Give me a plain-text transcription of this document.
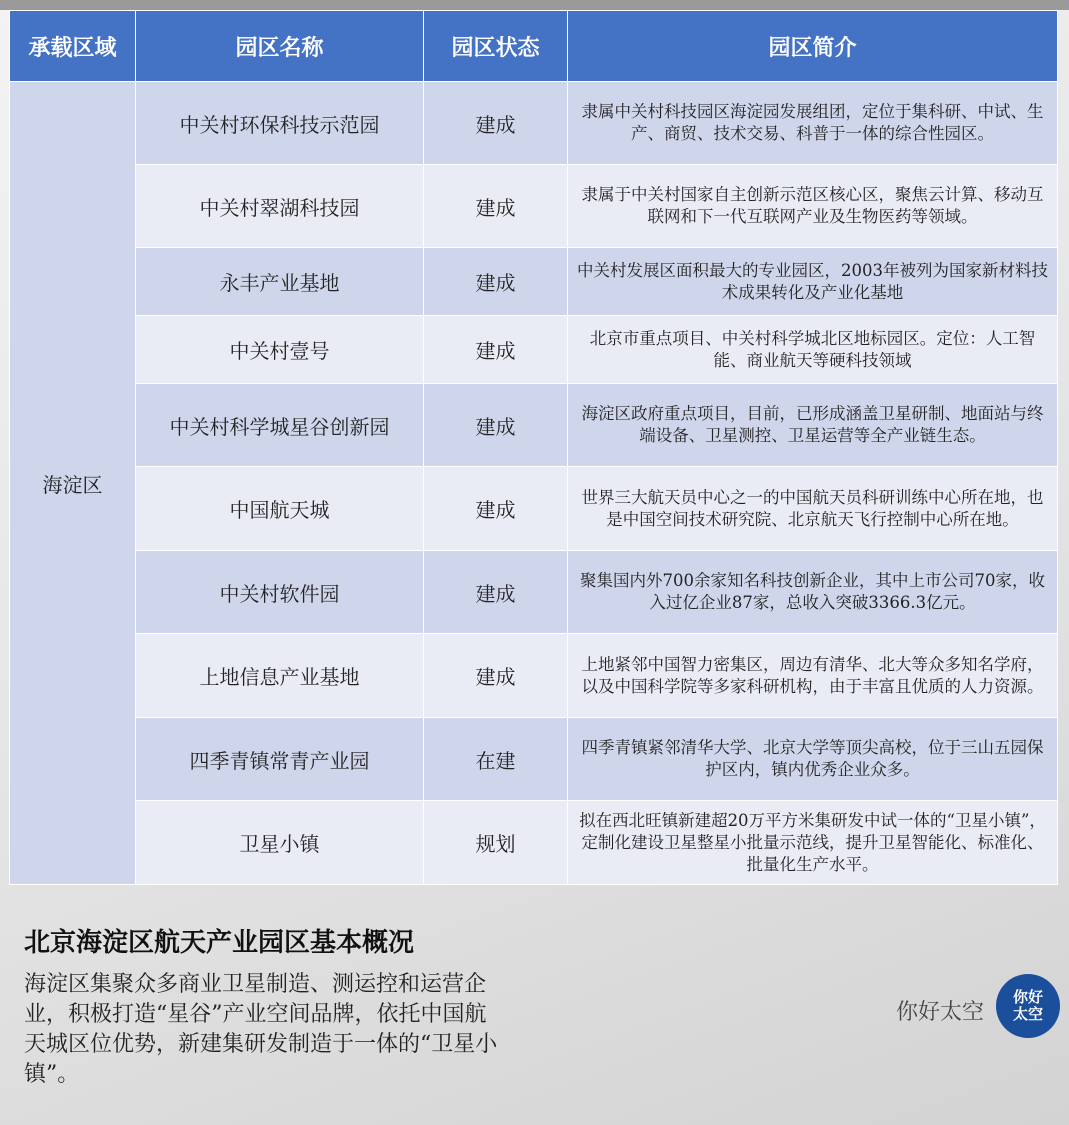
承载区域	园区名称	园区状态	园区简介
海淀区	中关村环保科技示范园	建成	隶属中关村科技园区海淀园发展组团，定位于集科研、中试、生产、商贸、技术交易、科普于一体的综合性园区。
	中关村翠湖科技园	建成	隶属于中关村国家自主创新示范区核心区，聚焦云计算、移动互联网和下一代互联网产业及生物医药等领域。
	永丰产业基地	建成	中关村发展区面积最大的专业园区，2003年被列为国家新材料技术成果转化及产业化基地
	中关村壹号	建成	北京市重点项目、中关村科学城北区地标园区。定位：人工智能、商业航天等硬科技领域
	中关村科学城星谷创新园	建成	海淀区政府重点项目，目前，已形成涵盖卫星研制、地面站与终端设备、卫星测控、卫星运营等全产业链生态。
	中国航天城	建成	世界三大航天员中心之一的中国航天员科研训练中心所在地，也是中国空间技术研究院、北京航天飞行控制中心所在地。
	中关村软件园	建成	聚集国内外700余家知名科技创新企业，其中上市公司70家，收入过亿企业87家，总收入突破3366.3亿元。
	上地信息产业基地	建成	上地紧邻中国智力密集区，周边有清华、北大等众多知名学府，以及中国科学院等多家科研机构，由于丰富且优质的人力资源。
	四季青镇常青产业园	在建	四季青镇紧邻清华大学、北京大学等顶尖高校，位于三山五园保护区内，镇内优秀企业众多。
	卫星小镇	规划	拟在西北旺镇新建超20万平方米集研发中试一体的“卫星小镇”，定制化建设卫星整星小批量示范线，提升卫星智能化、标准化、批量化生产水平。
北京海淀区航天产业园区基本概况
海淀区集聚众多商业卫星制造、测运控和运营企业，积极打造“星谷”产业空间品牌，依托中国航天城区位优势，新建集研发制造于一体的“卫星小镇”。
你好太空
你好
太空
